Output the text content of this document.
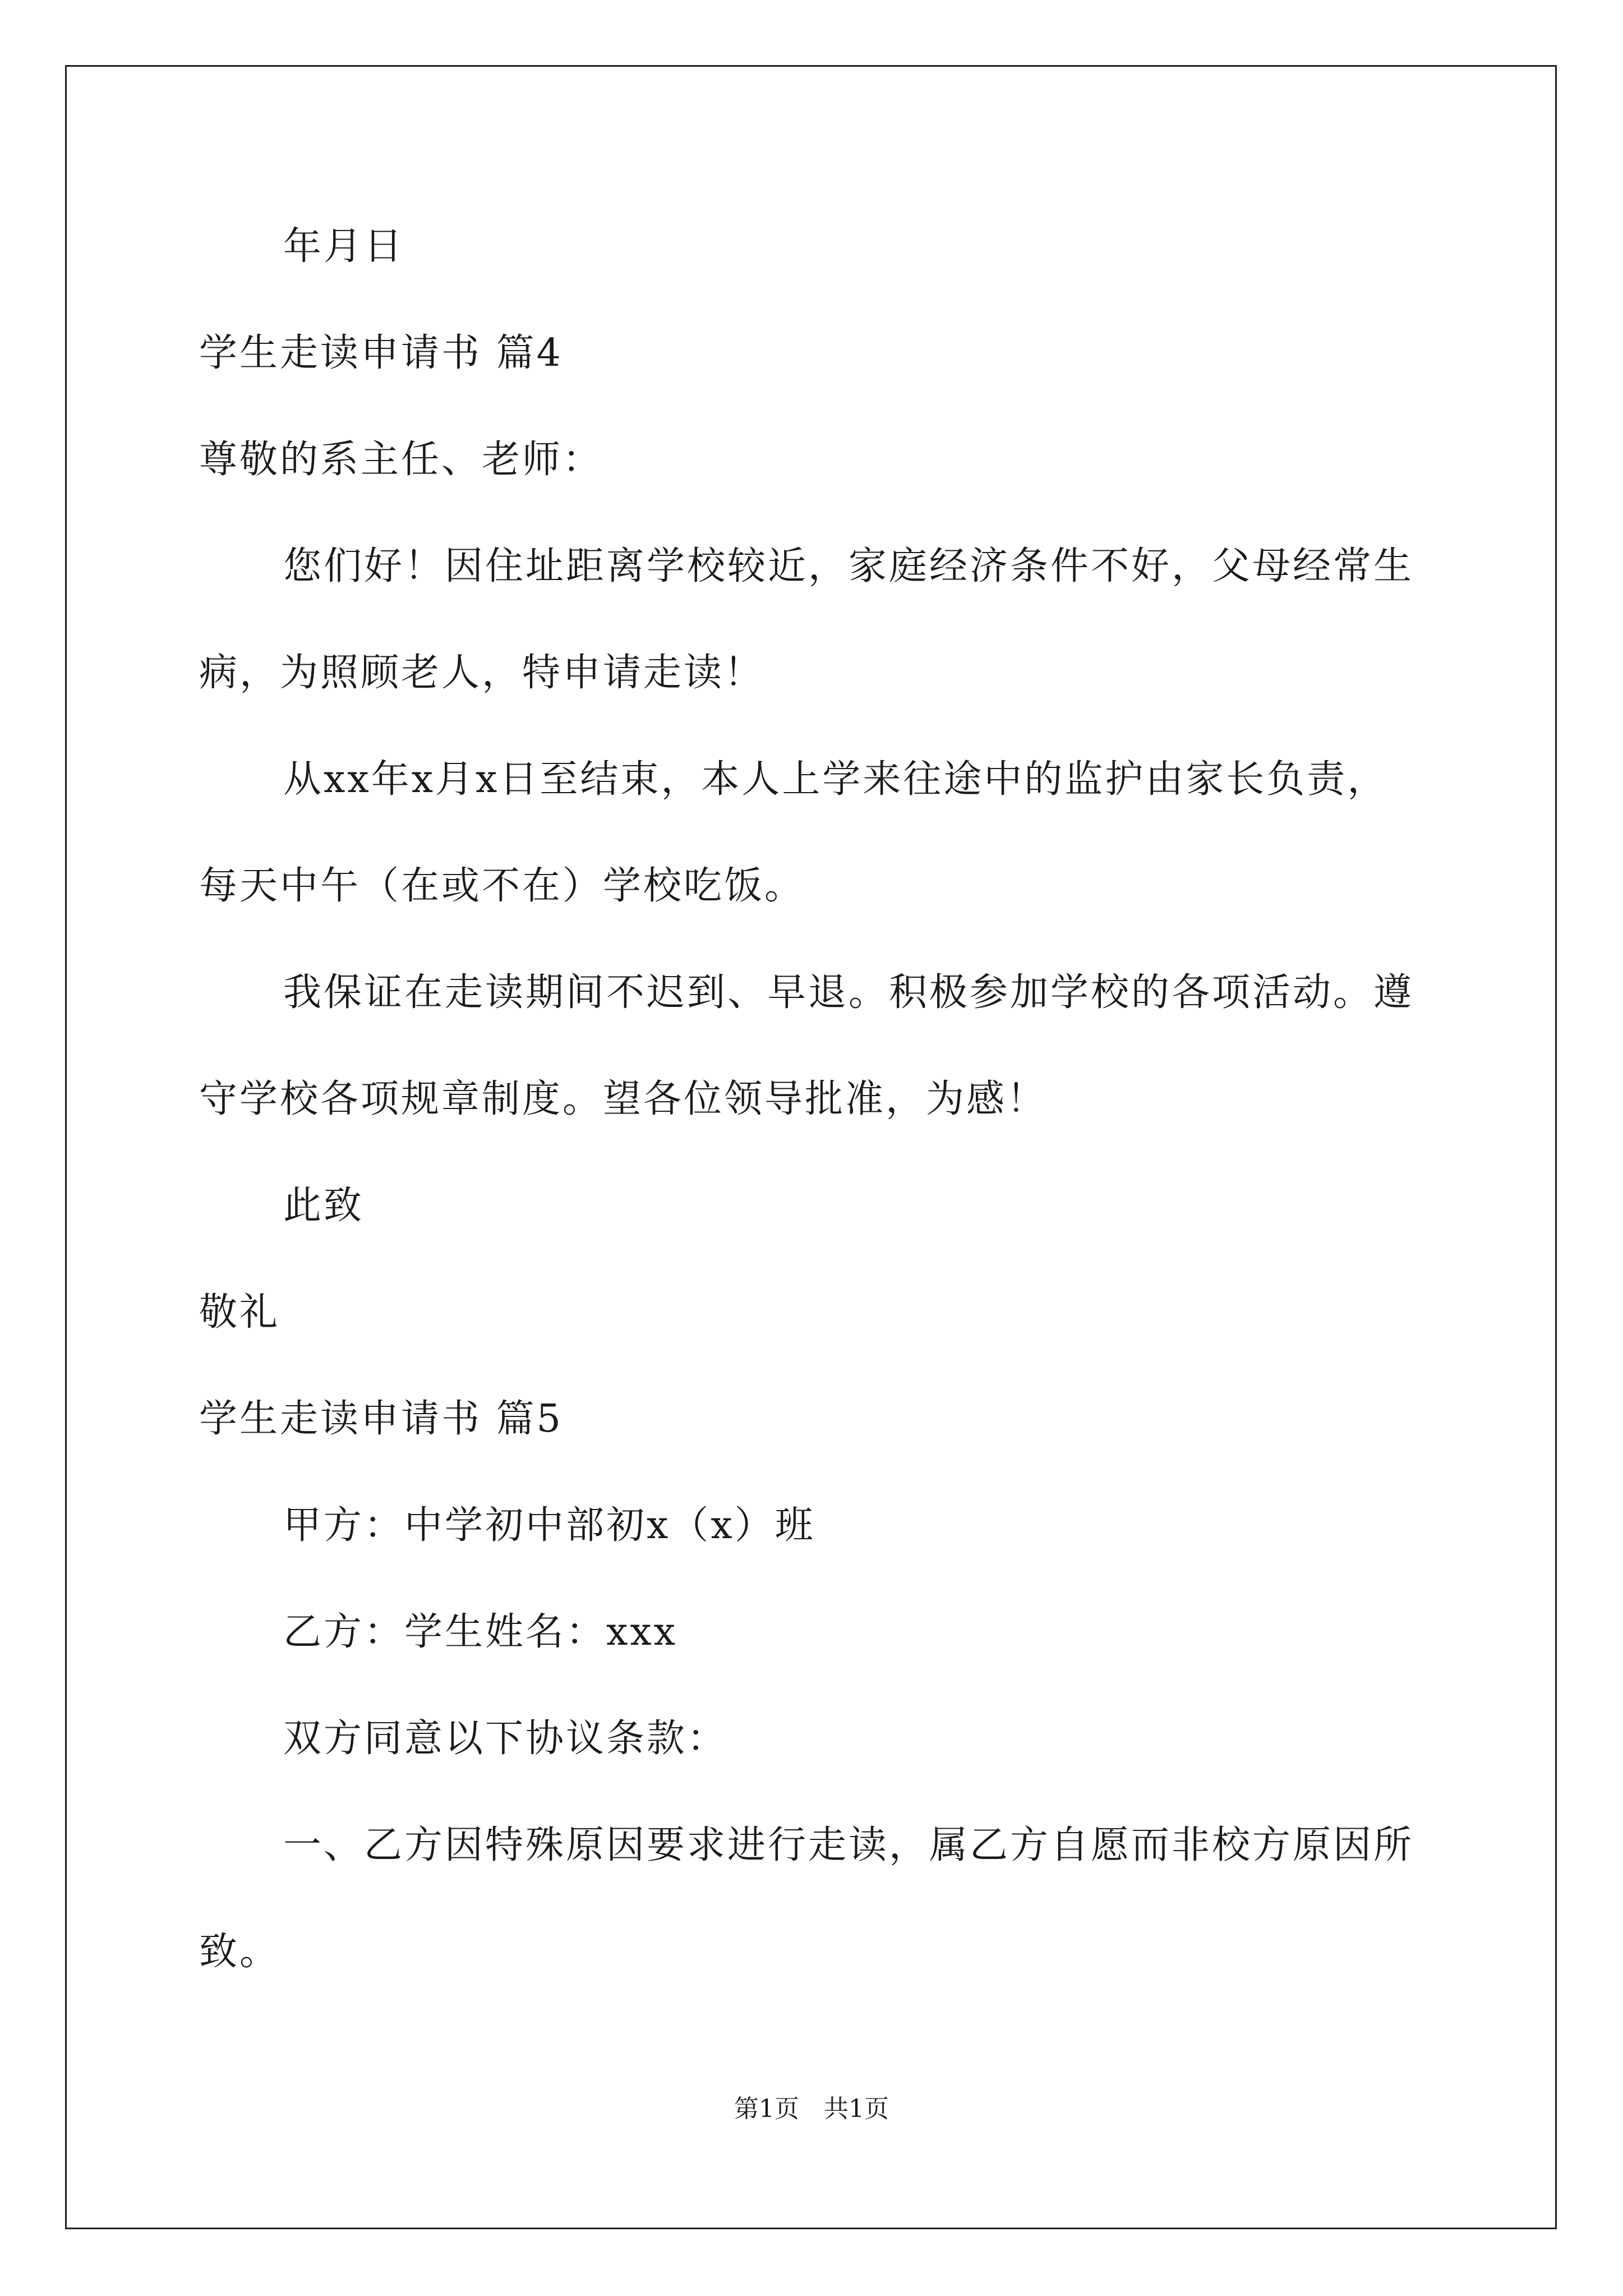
年月日
学生走读申请书 篇4
尊敬的系主任、老师：
您们好！因住址距离学校较近，家庭经济条件不好，父母经常生
病，为照顾老人，特申请走读！
从xx年x月x日至结束，本人上学来往途中的监护由家长负责，
每天中午（在或不在）学校吃饭。
我保证在走读期间不迟到、早退。积极参加学校的各项活动。遵
守学校各项规章制度。望各位领导批准，为感！
此致
敬礼
学生走读申请书 篇5
甲方：中学初中部初x（x）班
乙方：学生姓名：xxx
双方同意以下协议条款：
一、乙方因特殊原因要求进行走读，属乙方自愿而非校方原因所
致。
第1页　共1页
